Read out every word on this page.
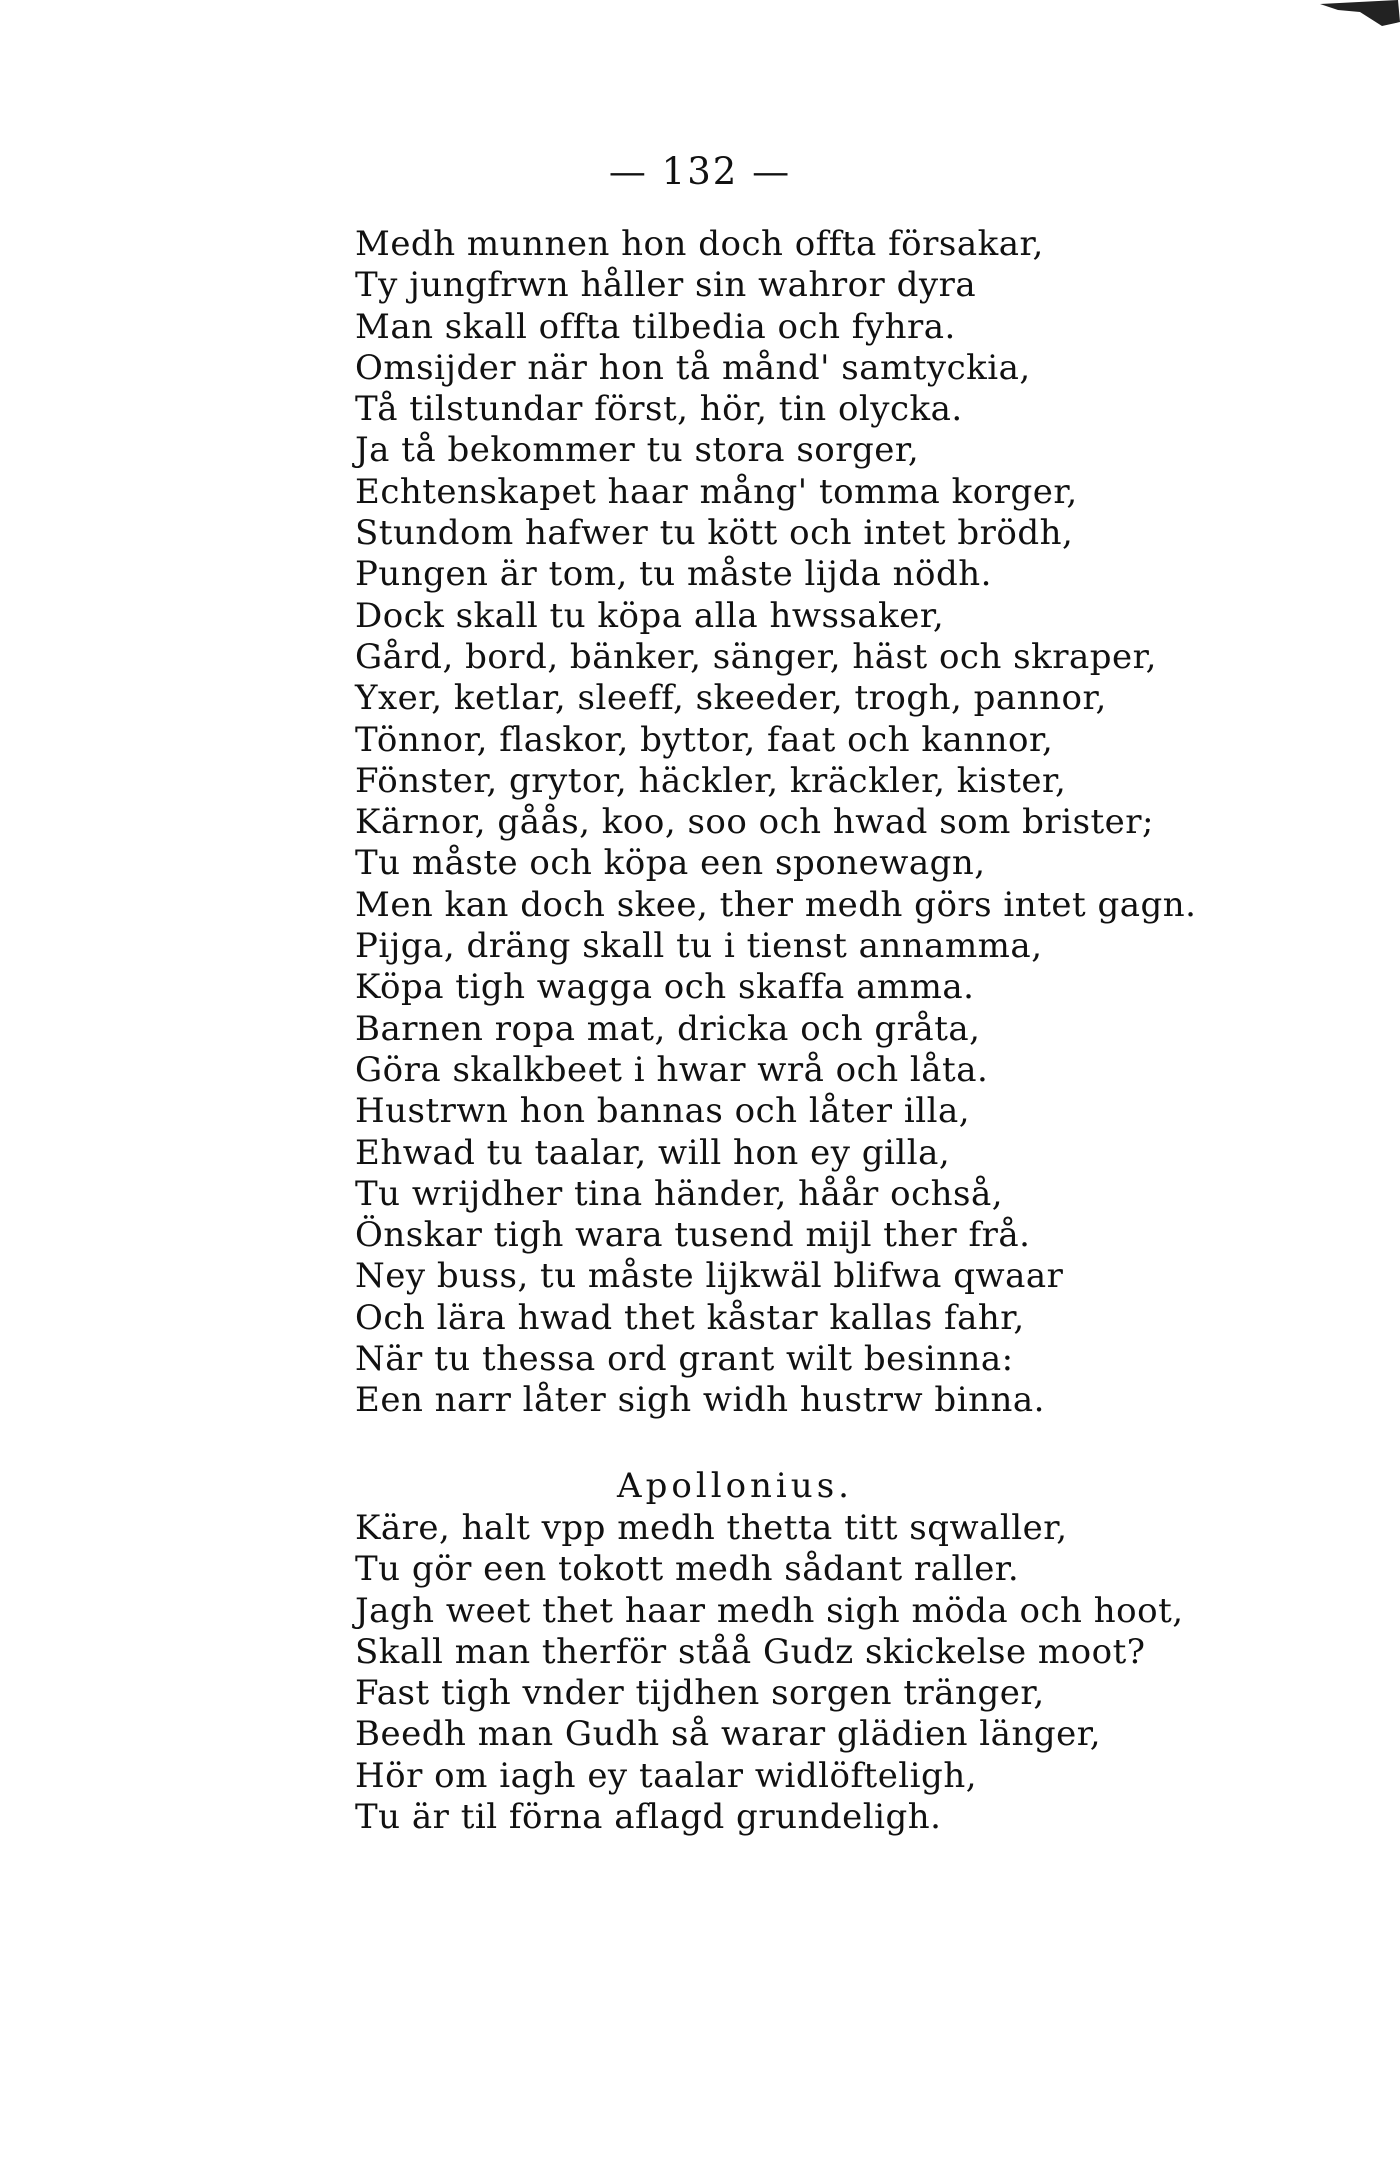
— 132 —
Medh munnen hon doch offta försakar,
Ty jungfrwn håller sin wahror dyra
Man skall offta tilbedia och fyhra.
Omsijder när hon tå månd' samtyckia,
Tå tilstundar först, hör, tin olycka.
Ja tå bekommer tu stora sorger,
Echtenskapet haar mång' tomma korger,
Stundom hafwer tu kött och intet brödh,
Pungen är tom, tu måste lijda nödh.
Dock skall tu köpa alla hwssaker,
Gård, bord, bänker, sänger, häst och skraper,
Yxer, ketlar, sleeff, skeeder, trogh, pannor,
Tönnor, flaskor, byttor, faat och kannor,
Fönster, grytor, häckler, kräckler, kister,
Kärnor, gåås, koo, soo och hwad som brister;
Tu måste och köpa een sponewagn,
Men kan doch skee, ther medh görs intet gagn.
Pijga, dräng skall tu i tienst annamma,
Köpa tigh wagga och skaffa amma.
Barnen ropa mat, dricka och gråta,
Göra skalkbeet i hwar wrå och låta.
Hustrwn hon bannas och låter illa,
Ehwad tu taalar, will hon ey gilla,
Tu wrijdher tina händer, håår ochså,
Önskar tigh wara tusend mijl ther frå.
Ney buss, tu måste lijkwäl blifwa qwaar
Och lära hwad thet kåstar kallas fahr,
När tu thessa ord grant wilt besinna:
Een narr låter sigh widh hustrw binna.
Apollonius.
Käre, halt vpp medh thetta titt sqwaller,
Tu gör een tokott medh sådant raller.
Jagh weet thet haar medh sigh möda och hoot,
Skall man therför ståå Gudz skickelse moot?
Fast tigh vnder tijdhen sorgen tränger,
Beedh man Gudh så warar glädien länger,
Hör om iagh ey taalar widlöfteligh,
Tu är til förna aflagd grundeligh.
